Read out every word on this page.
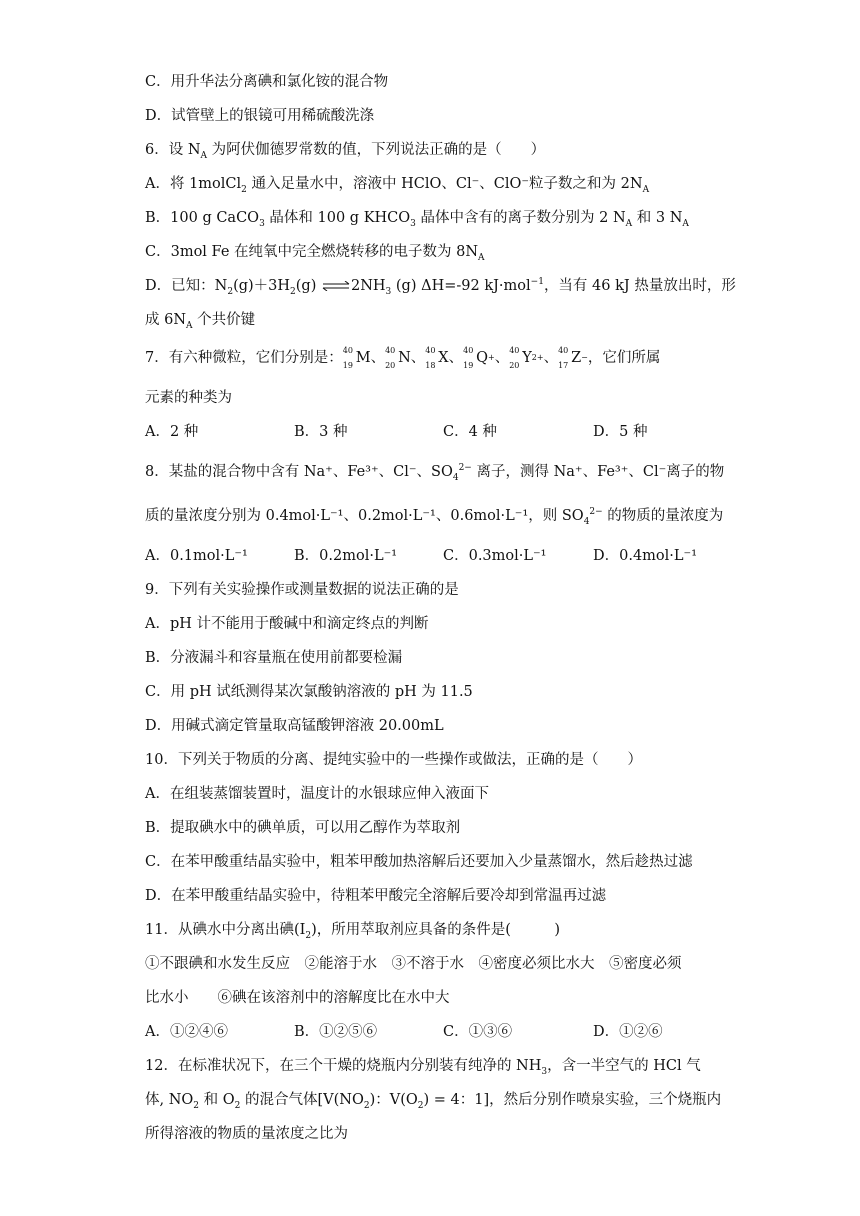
C．用升华法分离碘和氯化铵的混合物
D．试管壁上的银镜可用稀硫酸洗涤
6．设 $N_A$ 为阿伏伽德罗常数的值，下列说法正确的是（　　）
A．将 1molCl$_2$ 通入足量水中，溶液中 HClO、Cl⁻、ClO⁻粒子数之和为 $2N_A$
B．100 g CaCO$_3$ 晶体和 100 g $KHCO_3$ 晶体中含有的离子数分别为 2 $N_A$ 和 3 $N_A$
C．3mol Fe 在纯氧中完全燃烧转移的电子数为 $8N_A$
D．已知：$N_2(g)+3H_2(g)$ $\rightleftharpoons 2NH_3$ (g) ΔH=-92 kJ·mol$^{-1}$，当有 46 kJ 热量放出时，形
成 $6N_A$ 个共价键
7．有六种微粒，它们分别是： 40
19 M、 40
20 N、 40
18 X、 40
19 Q+、 40
20 Y2+、 40
17 Z−，它们所属
元素的种类为
A．2 种	B．3 种	C．4 种	D．5 种
8．某盐的混合物中含有 Na⁺、Fe³⁺、Cl⁻、$SO_4^{2-}$ 离子，测得 Na⁺、Fe³⁺、Cl⁻离子的物
质的量浓度分别为 0.4mol·L⁻¹、0.2mol·L⁻¹、0.6mol·L⁻¹，则 $SO_4^{2-}$ 的物质的量浓度为
A．0.1mol·L⁻¹	B．0.2mol·L⁻¹	C．0.3mol·L⁻¹	D．0.4mol·L⁻¹
9．下列有关实验操作或测量数据的说法正确的是
A．pH 计不能用于酸碱中和滴定终点的判断
B．分液漏斗和容量瓶在使用前都要检漏
C．用 pH 试纸测得某次氯酸钠溶液的 pH 为 11.5
D．用碱式滴定管量取高锰酸钾溶液 20.00mL
10．下列关于物质的分离、提纯实验中的一些操作或做法，正确的是（　　）
A．在组装蒸馏装置时，温度计的水银球应伸入液面下
B．提取碘水中的碘单质，可以用乙醇作为萃取剂
C．在苯甲酸重结晶实验中，粗苯甲酸加热溶解后还要加入少量蒸馏水，然后趁热过滤
D．在苯甲酸重结晶实验中，待粗苯甲酸完全溶解后要冷却到常温再过滤
11．从碘水中分离出碘$(I_2)$，所用萃取剂应具备的条件是(　　　)
①不跟碘和水发生反应　②能溶于水　③不溶于水　④密度必须比水大　⑤密度必须
比水小　　⑥碘在该溶剂中的溶解度比在水中大
A．①②④⑥	B．①②⑤⑥	C．①③⑥	D．①②⑥
12．在标准状况下，在三个干燥的烧瓶内分别装有纯净的 $NH_3$，含一半空气的 HCl 气
体, $NO_2$ 和 $O_2$ 的混合气体[$V(NO_2)$：$V(O_2) = 4$：1]，然后分别作喷泉实验，三个烧瓶内
所得溶液的物质的量浓度之比为
